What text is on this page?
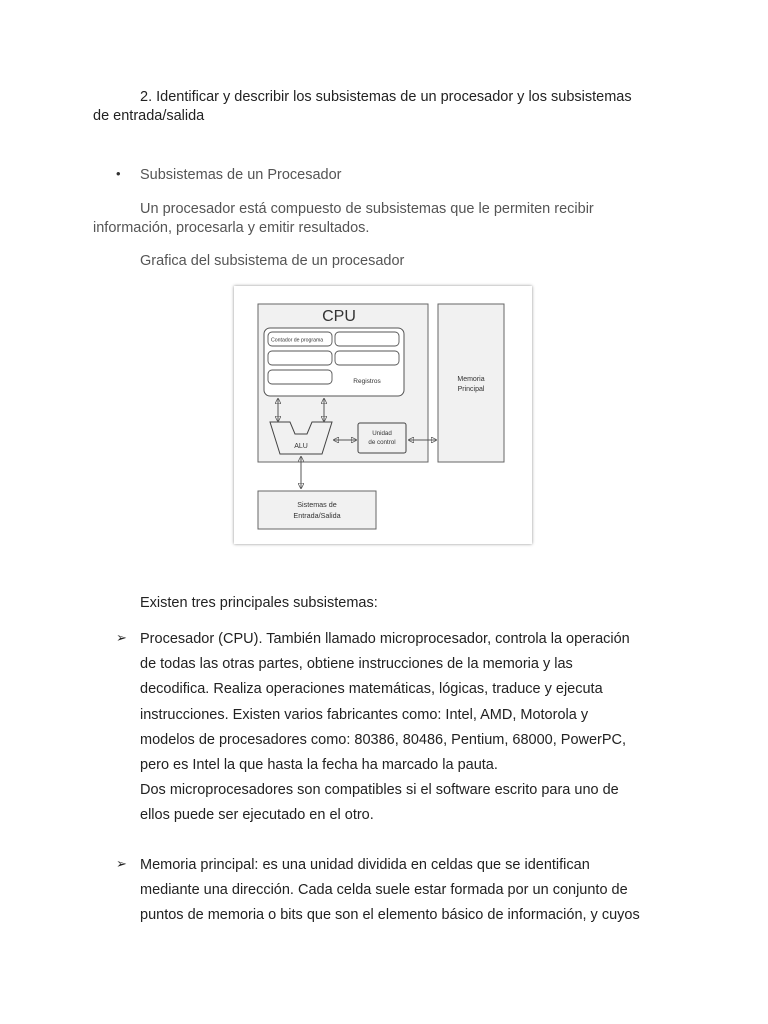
2. Identificar y describir los subsistemas de un procesador y los subsistemas
de entrada/salida
• Subsistemas de un Procesador
Un procesador está compuesto de subsistemas que le permiten recibir
información, procesarla y emitir resultados.
Grafica del subsistema de un procesador
CPU
Contador de programa
Registros
ALU
Unidad
de control
Memoria
Principal
Sistemas de
Entrada/Salida
Existen tres principales subsistemas:
➢ Procesador (CPU). También llamado microprocesador, controla la operación
de todas las otras partes, obtiene instrucciones de la memoria y las
decodifica. Realiza operaciones matemáticas, lógicas, traduce y ejecuta
instrucciones. Existen varios fabricantes como: Intel, AMD, Motorola y
modelos de procesadores como: 80386, 80486, Pentium, 68000, PowerPC,
pero es Intel la que hasta la fecha ha marcado la pauta.
Dos microprocesadores son compatibles si el software escrito para uno de
ellos puede ser ejecutado en el otro.
➢ Memoria principal: es una unidad dividida en celdas que se identifican
mediante una dirección. Cada celda suele estar formada por un conjunto de
puntos de memoria o bits que son el elemento básico de información, y cuyos
